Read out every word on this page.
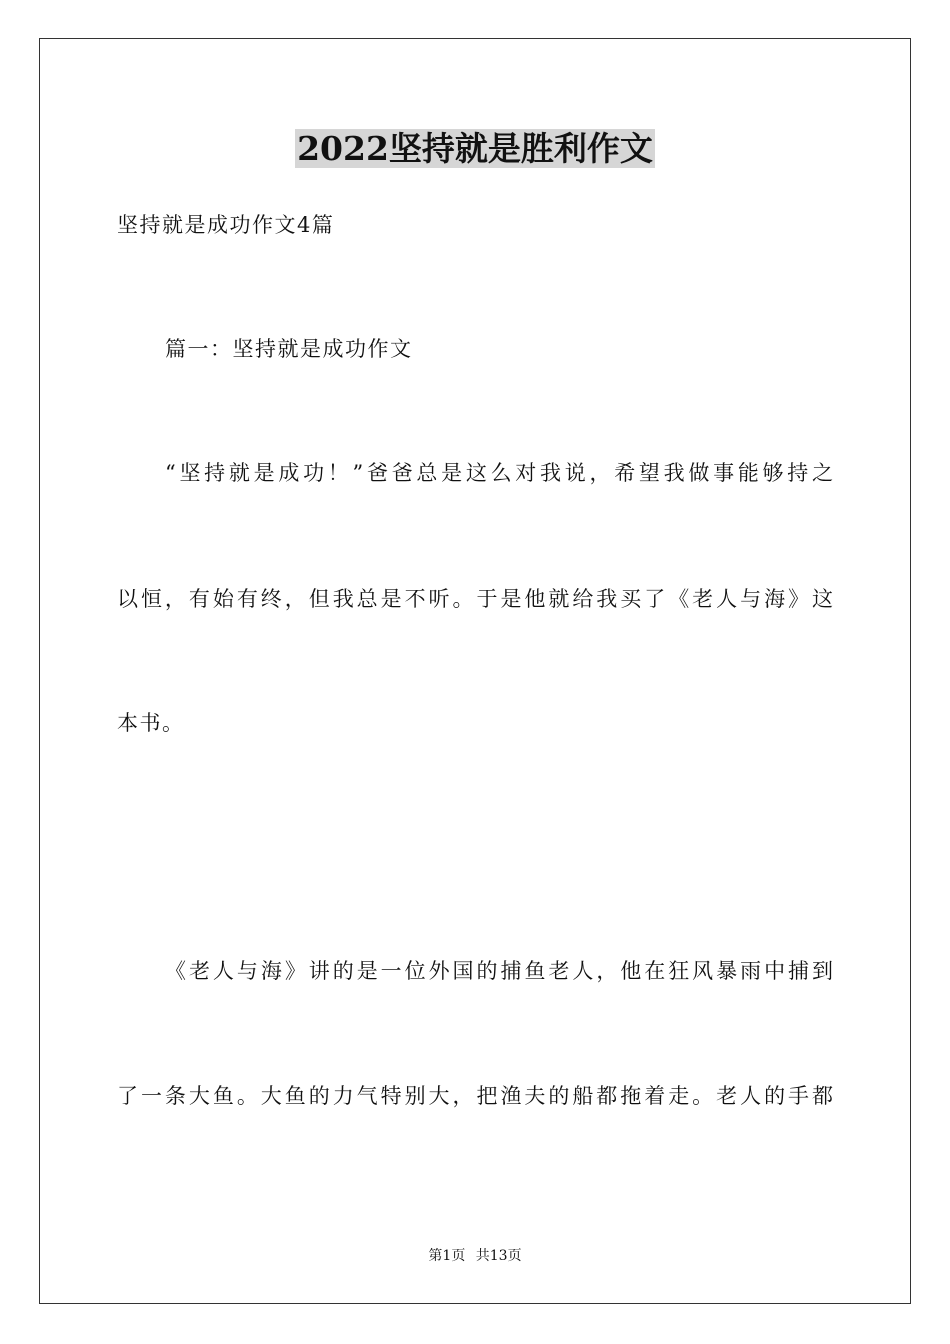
2022坚持就是胜利作文
坚持就是成功作文4篇
篇一：坚持就是成功作文
“坚持就是成功！”爸爸总是这么对我说，希望我做事能够持之
以恒，有始有终，但我总是不听。于是他就给我买了《老人与海》这
本书。
《老人与海》讲的是一位外国的捕鱼老人，他在狂风暴雨中捕到
了一条大鱼。大鱼的力气特别大，把渔夫的船都拖着走。老人的手都
第1页 共13页
